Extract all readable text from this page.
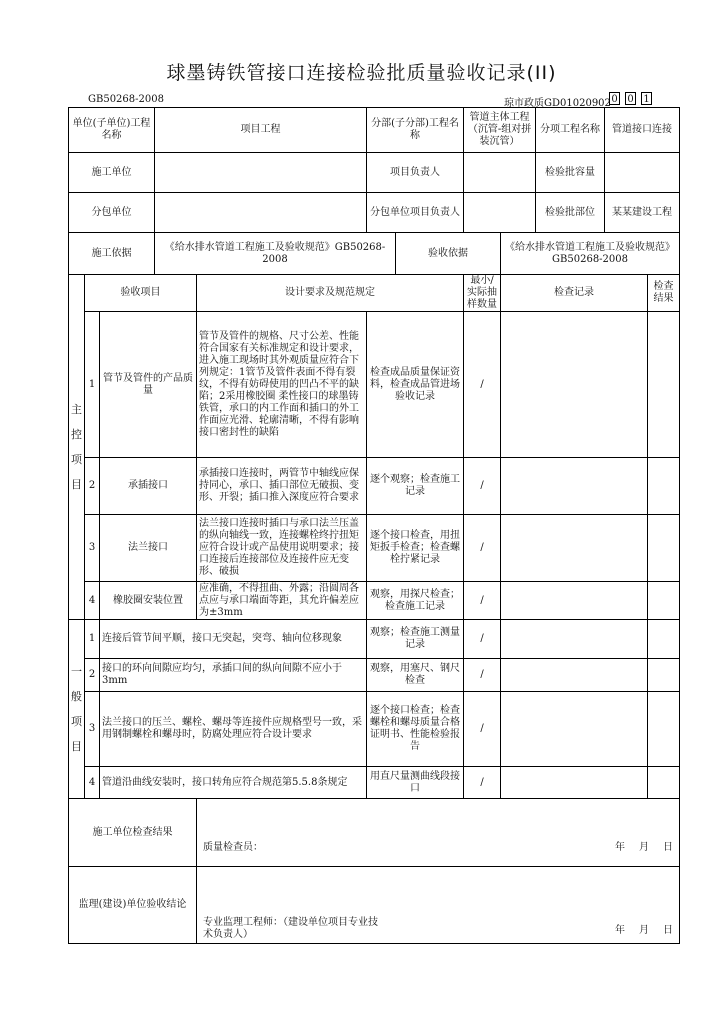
球墨铸铁管接口连接检验批质量验收记录(II)
GB50268-2008	琼市政质GD01020902 0 0 1
单位(子单位)工程名称			项目工程		分部(子分部)工程名称		管道主体工程（沉管-组对拼装沉管）		分项工程名称	管道接口连接	
施工单位					项目负责人				检验批容量		
分包单位					分包单位项目负责人				检验批部位	某某建设工程	
施工依据			《给水排水管道工程施工及验收规范》GB50268-2008			验收依据		《给水排水管道工程施工及验收规范》GB50268-2008			

主
控
项
目	验收项目			设计要求及规范规定			最小/实际抽样数量	检查记录			检查结果
	1	管节及管件的产品质量		管节及管件的规格、尺寸公差、性能符合国家有关标准规定和设计要求，进入施工现场时其外观质量应符合下列规定：1管节及管件表面不得有裂纹，不得有妨碍使用的凹凸不平的缺陷；2采用橡胶圈 柔性接口的球墨铸铁管，承口的内工作面和插口的外工作面应光滑、轮廓清晰，不得有影响接口密封性的缺陷	检查成品质量保证资料，检查成品管进场验收记录		/				
	2	承插接口		承插接口连接时，两管节中轴线应保持同心，承口、插口部位无破损、变形、开裂；插口推入深度应符合要求	逐个观察；检查施工记录		/				
	3	法兰接口		法兰接口连接时插口与承口法兰压盖的纵向轴线一致，连接螺栓终拧扭矩应符合设计或产品使用说明要求；接口连接后连接部位及连接件应无变形、破损	逐个接口检查，用扭矩扳手检查；检查螺栓拧紧记录		/				
	4	橡胶圈安装位置		应准确，不得扭曲、外露；沿圆周各点应与承口端面等距，其允许偏差应为±3mm	观察，用探尺检查；检查施工记录		/				

一
般
项
目	1	连接后管节间平顺，接口无突起，突弯、轴向位移现象			观察；检查施工测量记录		/				
	2	接口的环向间隙应均匀，承插口间的纵向间隙不应小于3mm			观察，用塞尺、钢尺检查		/				
	3	法兰接口的压兰、螺栓、螺母等连接件应规格型号一致，采用钢制螺栓和螺母时，防腐处理应符合设计要求			逐个接口检查；检查螺栓和螺母质量合格证明书、性能检验报告		/				
	4	管道沿曲线安装时，接口转角应符合规范第5.5.8条规定			用直尺量测曲线段接口		/				
施工单位检查结果				质量检查员： 年 月 日							

监理(建设)单位验收结论				专业监理工程师：（建设单位项目专业技术负责人） 年 月 日							
